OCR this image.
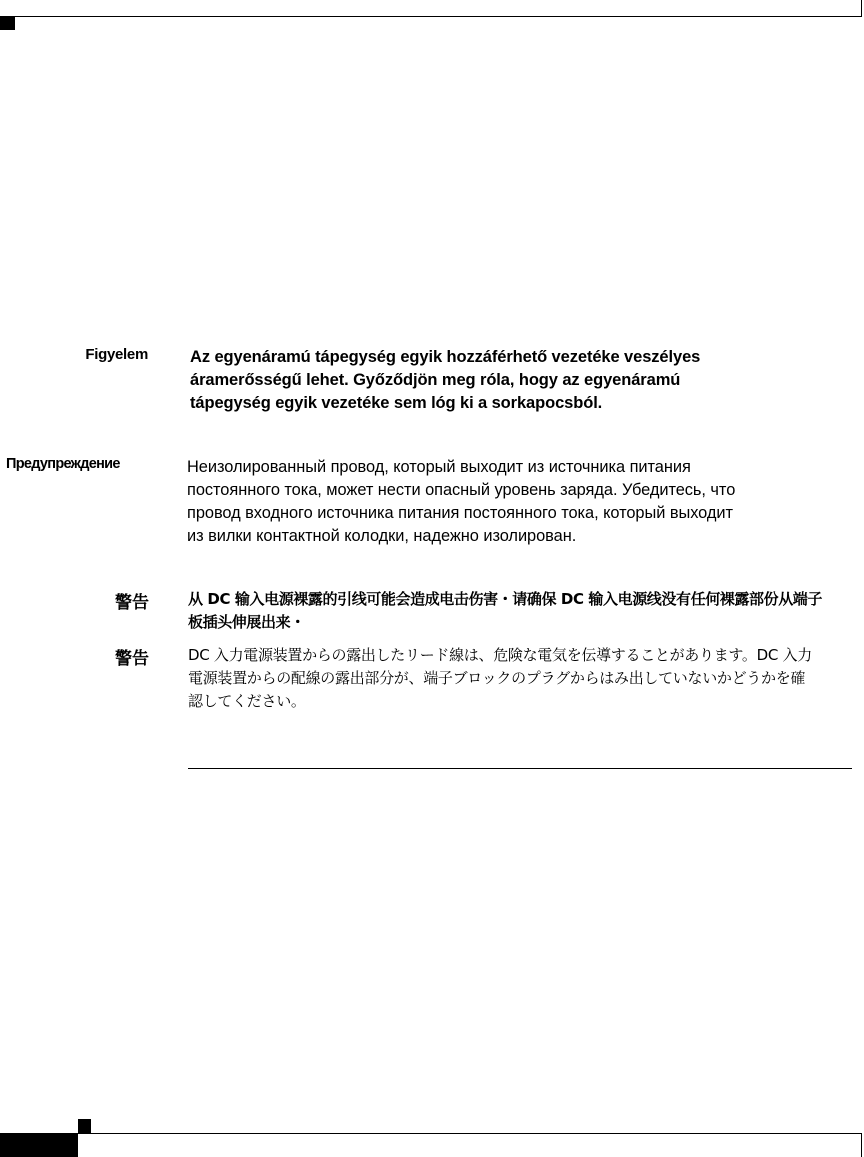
Figyelem	Az egyenáramú tápegység egyik hozzáférhető vezetéke veszélyes

áramerősségű lehet. Győződjön meg róla, hogy az egyenáramú

tápegység egyik vezetéke sem lóg ki a sorkapocsból.

Предупреждение	Неизолированный провод, который выходит из источника питания

постоянного тока, может нести опасный уровень заряда. Убедитесь, что

провод входного источника питания постоянного тока, который выходит

из вилки контактной колодки, надежно изолирован.

警告	从 DC 输入电源裸露的引线可能会造成电击伤害・请确保 DC 输入电源线没有任何裸露部份从端子

板插头伸展出来・

警告	DC 入力電源装置からの露出したリード線は、危険な電気を伝導することがあります。DC 入力

電源装置からの配線の露出部分が、端子ブロックのプラグからはみ出していないかどうかを確

認してください。
